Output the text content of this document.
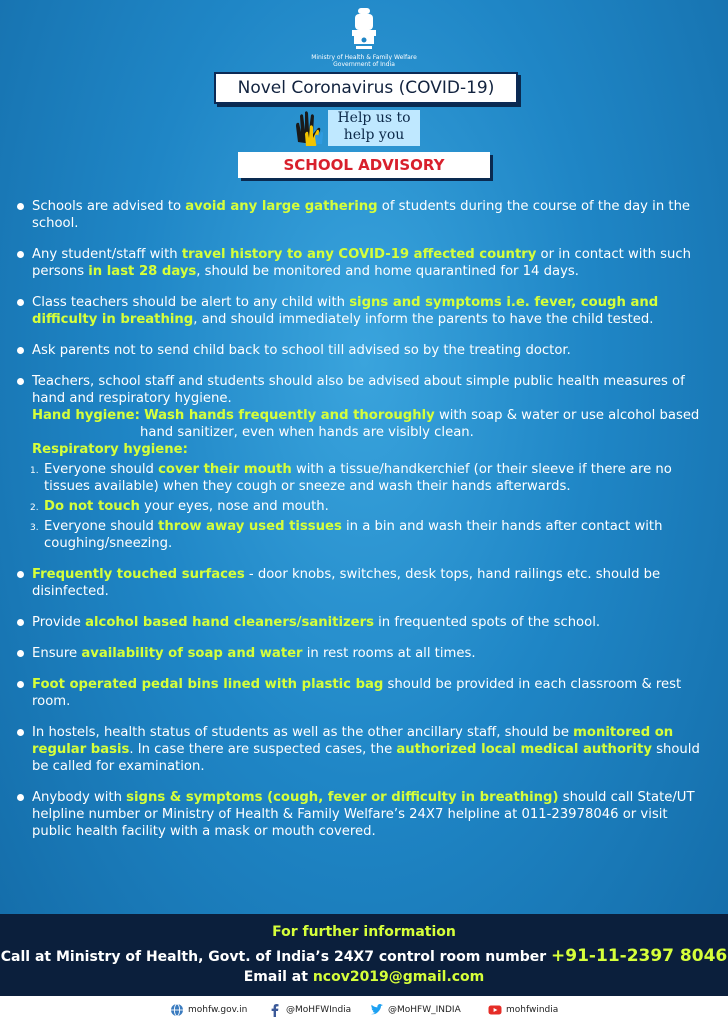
Ministry of Health & Family Welfare
Government of India
Novel Coronavirus (COVID-19)
Help us to
help you
SCHOOL ADVISORY
Schools are advised to avoid any large gathering of students during the course of the day in the school.
Any student/staff with travel history to any COVID-19 affected country or in contact with such persons in last 28 days, should be monitored and home quarantined for 14 days.
Class teachers should be alert to any child with signs and symptoms i.e. fever, cough and difficulty in breathing, and should immediately inform the parents to have the child tested.
Ask parents not to send child back to school till advised so by the treating doctor.
Teachers, school staff and students should also be advised about simple public health measures of hand and respiratory hygiene.
Hand hygiene: Wash hands frequently and thoroughly with soap & water or use alcohol based hand sanitizer, even when hands are visibly clean.
Respiratory hygiene:
1. Everyone should cover their mouth with a tissue/handkerchief (or their sleeve if there are no tissues available) when they cough or sneeze and wash their hands afterwards.
2. Do not touch your eyes, nose and mouth.
3. Everyone should throw away used tissues in a bin and wash their hands after contact with coughing/sneezing.
Frequently touched surfaces - door knobs, switches, desk tops, hand railings etc. should be disinfected.
Provide alcohol based hand cleaners/sanitizers in frequented spots of the school.
Ensure availability of soap and water in rest rooms at all times.
Foot operated pedal bins lined with plastic bag should be provided in each classroom & rest room.
In hostels, health status of students as well as the other ancillary staff, should be monitored on regular basis. In case there are suspected cases, the authorized local medical authority should be called for examination.
Anybody with signs & symptoms (cough, fever or difficulty in breathing) should call State/UT helpline number or Ministry of Health & Family Welfare’s 24X7 helpline at 011-23978046 or visit public health facility with a mask or mouth covered.
For further information
Call at Ministry of Health, Govt. of India’s 24X7 control room number +91-11-2397 8046
Email at ncov2019@gmail.com
mohfw.gov.in	@MoHFWIndia	@MoHFW_INDIA	mohfwindia
